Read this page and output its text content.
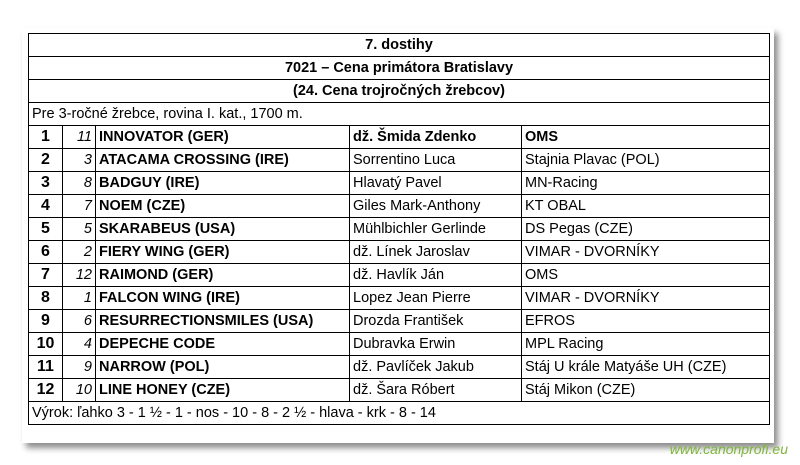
7. dostihy				
7021 – Cena primátora Bratislavy				
(24. Cena trojročných žrebcov)				
Pre 3-ročné žrebce, rovina I. kat., 1700 m.				
1	11	INNOVATOR (GER)	dž. Šmida Zdenko	OMS
2	3	ATACAMA CROSSING (IRE)	Sorrentino Luca	Stajnia Plavac (POL)
3	8	BADGUY (IRE)	Hlavatý Pavel	MN-Racing
4	7	NOEM (CZE)	Giles Mark-Anthony	KT OBAL
5	5	SKARABEUS (USA)	Mühlbichler Gerlinde	DS Pegas (CZE)
6	2	FIERY WING (GER)	dž. Línek Jaroslav	VIMAR - DVORNÍKY
7	12	RAIMOND (GER)	dž. Havlík Ján	OMS
8	1	FALCON WING (IRE)	Lopez Jean Pierre	VIMAR - DVORNÍKY
9	6	RESURRECTIONSMILES (USA)	Drozda František	EFROS
10	4	DEPECHE CODE	Dubravka Erwin	MPL Racing
11	9	NARROW (POL)	dž. Pavlíček Jakub	Stáj U krále Matyáše UH (CZE)
12	10	LINE HONEY (CZE)	dž. Šara Róbert	Stáj Mikon (CZE)
Výrok: ľahko 3 - 1 ½ - 1 - nos - 10 - 8 - 2 ½ - hlava - krk - 8 - 14				
www.canonprofi.eu
